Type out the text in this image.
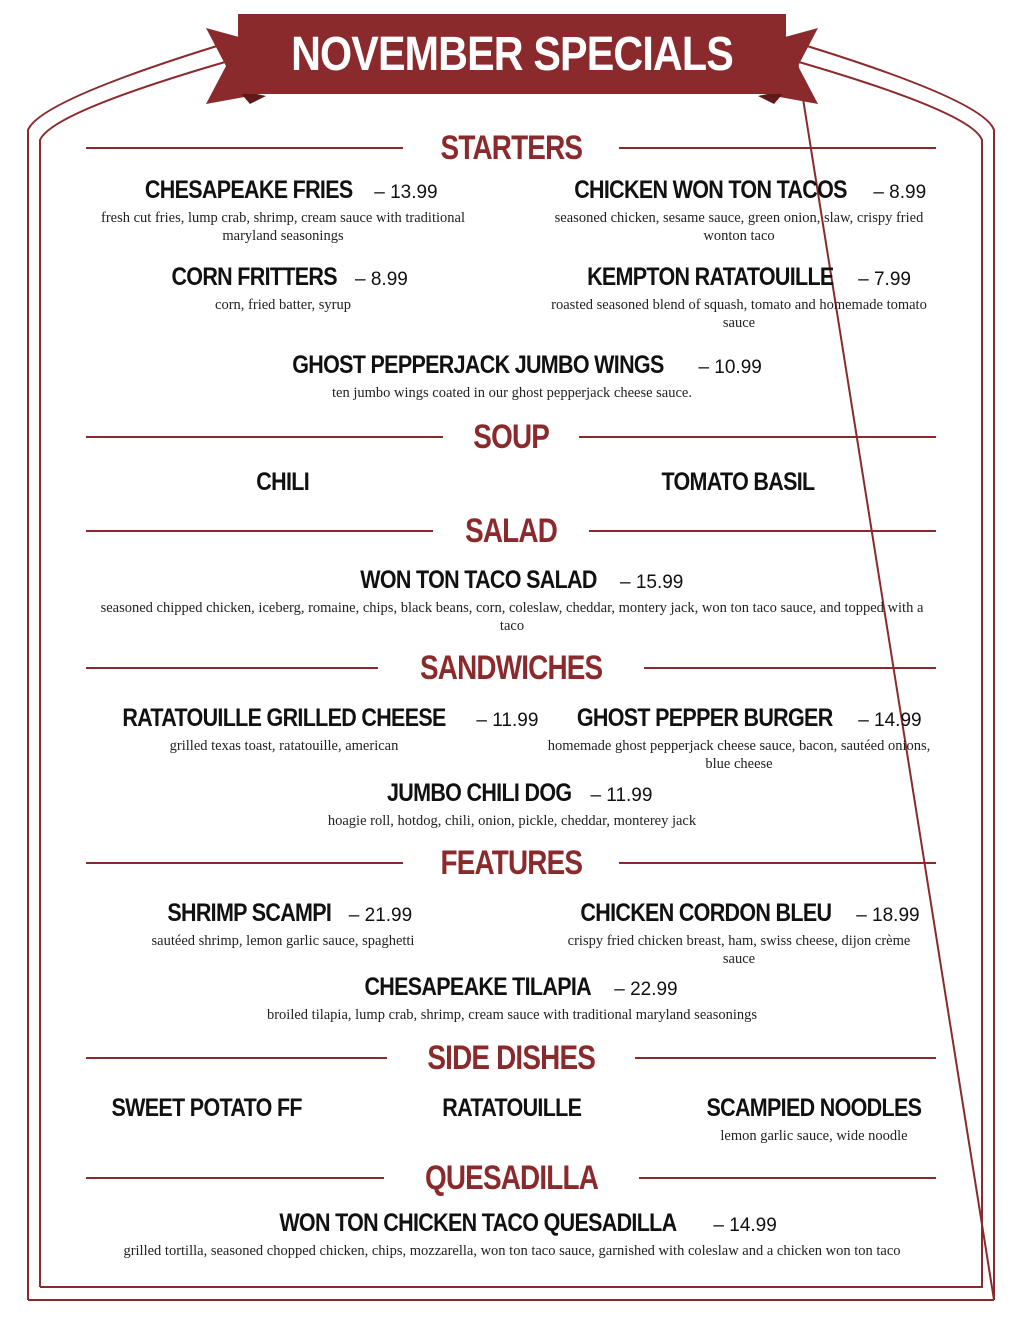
NOVEMBER SPECIALS
STARTERS
CHESAPEAKE FRIES – 13.99
fresh cut fries, lump crab, shrimp, cream sauce with traditional maryland seasonings
CHICKEN WON TON TACOS – 8.99
seasoned chicken, sesame sauce, green onion, slaw, crispy fried wonton taco
CORN FRITTERS – 8.99
corn, fried batter, syrup
KEMPTON RATATOUILLE – 7.99
roasted seasoned blend of squash, tomato and homemade tomato sauce
GHOST PEPPERJACK JUMBO WINGS – 10.99
ten jumbo wings coated in our ghost pepperjack cheese sauce.
SOUP
CHILI	TOMATO BASIL
SALAD
WON TON TACO SALAD – 15.99
seasoned chipped chicken, iceberg, romaine, chips, black beans, corn, coleslaw, cheddar, montery jack, won ton taco sauce, and topped with a taco
SANDWICHES
RATATOUILLE GRILLED CHEESE – 11.99
grilled texas toast, ratatouille, american
GHOST PEPPER BURGER – 14.99
homemade ghost pepperjack cheese sauce, bacon, sautéed onions, blue cheese
JUMBO CHILI DOG – 11.99
hoagie roll, hotdog, chili, onion, pickle, cheddar, monterey jack
FEATURES
SHRIMP SCAMPI – 21.99
sautéed shrimp, lemon garlic sauce, spaghetti
CHICKEN CORDON BLEU – 18.99
crispy fried chicken breast, ham, swiss cheese, dijon crème sauce
CHESAPEAKE TILAPIA – 22.99
broiled tilapia, lump crab, shrimp, cream sauce with traditional maryland seasonings
SIDE DISHES
SWEET POTATO FF	RATATOUILLE	SCAMPIED NOODLES
lemon garlic sauce, wide noodle
QUESADILLA
WON TON CHICKEN TACO QUESADILLA – 14.99
grilled tortilla, seasoned chopped chicken, chips, mozzarella, won ton taco sauce, garnished with coleslaw and a chicken won ton taco
